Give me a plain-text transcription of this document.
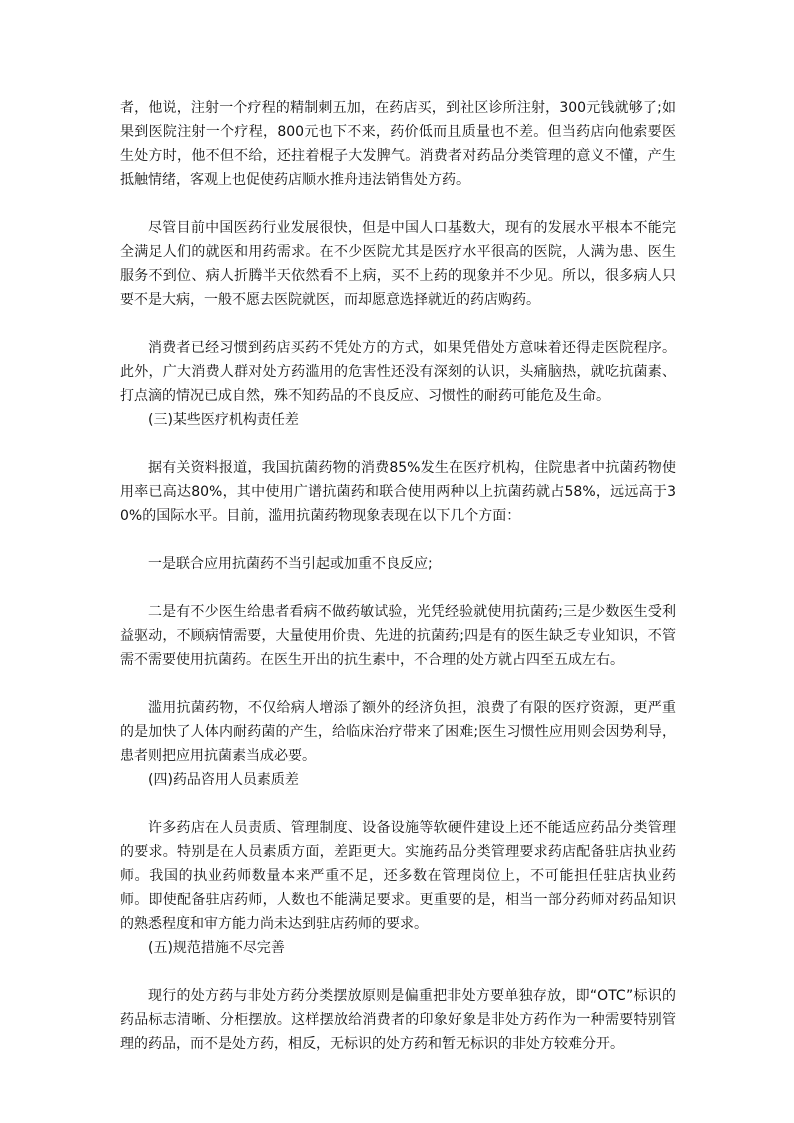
者，他说，注射一个疗程的精制刺五加，在药店买，到社区诊所注射，300元钱就够了;如果到医院注射一个疗程，800元也下不来，药价低而且质量也不差。但当药店向他索要医生处方时，他不但不给，还拄着棍子大发脾气。消费者对药品分类管理的意义不懂，产生抵触情绪，客观上也促使药店顺水推舟违法销售处方药。

尽管目前中国医药行业发展很快，但是中国人口基数大，现有的发展水平根本不能完全满足人们的就医和用药需求。在不少医院尤其是医疗水平很高的医院，人满为患、医生服务不到位、病人折腾半天依然看不上病，买不上药的现象并不少见。所以，很多病人只要不是大病，一般不愿去医院就医，而却愿意选择就近的药店购药。

消费者已经习惯到药店买药不凭处方的方式，如果凭借处方意味着还得走医院程序。此外，广大消费人群对处方药滥用的危害性还没有深刻的认识，头痛脑热，就吃抗菌素、打点滴的情况已成自然，殊不知药品的不良反应、习惯性的耐药可能危及生命。

(三)某些医疗机构责任差

据有关资料报道，我国抗菌药物的消费85%发生在医疗机构，住院患者中抗菌药物使用率已高达80%，其中使用广谱抗菌药和联合使用两种以上抗菌药就占58%，远远高于30%的国际水平。目前，滥用抗菌药物现象表现在以下几个方面：

一是联合应用抗菌药不当引起或加重不良反应;

二是有不少医生给患者看病不做药敏试验，光凭经验就使用抗菌药;三是少数医生受利益驱动，不顾病情需要，大量使用价贵、先进的抗菌药;四是有的医生缺乏专业知识，不管需不需要使用抗菌药。在医生开出的抗生素中，不合理的处方就占四至五成左右。

滥用抗菌药物，不仅给病人增添了额外的经济负担，浪费了有限的医疗资源，更严重的是加快了人体内耐药菌的产生，给临床治疗带来了困难;医生习惯性应用则会因势利导，患者则把应用抗菌素当成必要。

(四)药品咨用人员素质差

许多药店在人员责质、管理制度、设备设施等软硬件建设上还不能适应药品分类管理的要求。特别是在人员素质方面，差距更大。实施药品分类管理要求药店配备驻店执业药师。我国的执业药师数量本来严重不足，还多数在管理岗位上，不可能担任驻店执业药师。即使配备驻店药师，人数也不能满足要求。更重要的是，相当一部分药师对药品知识的熟悉程度和审方能力尚未达到驻店药师的要求。

(五)规范措施不尽完善

现行的处方药与非处方药分类摆放原则是偏重把非处方要单独存放，即“OTC”标识的药品标志清晰、分柜摆放。这样摆放给消费者的印象好象是非处方药作为一种需要特别管理的药品，而不是处方药，相反，无标识的处方药和暂无标识的非处方较难分开。
